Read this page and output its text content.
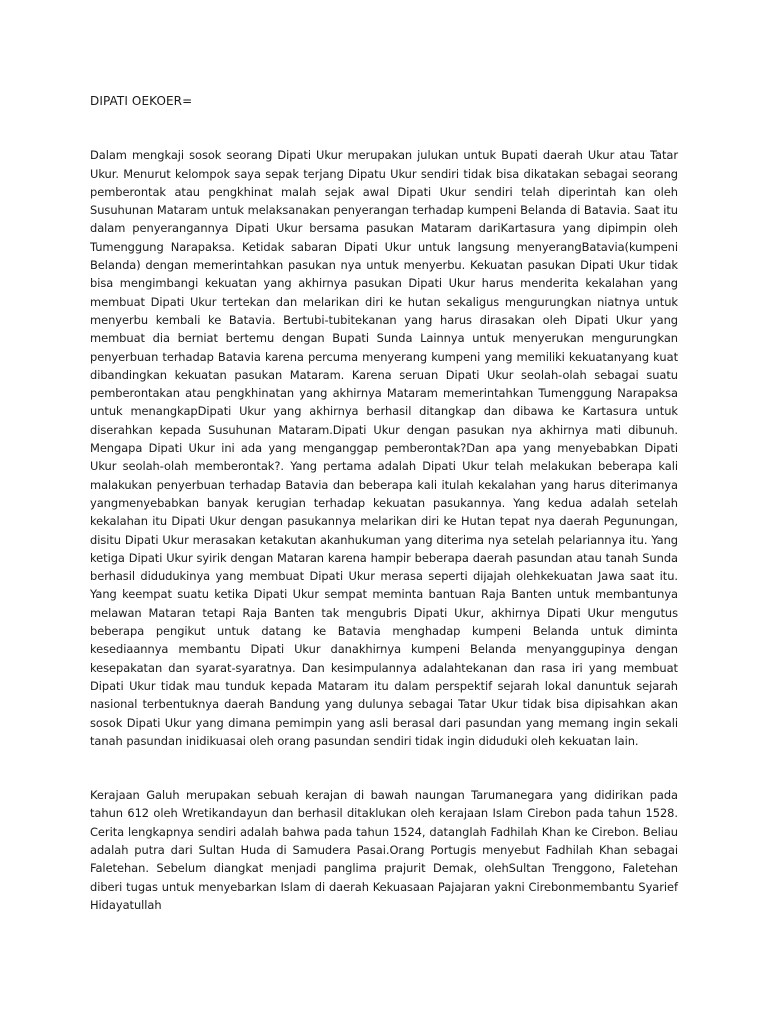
DIPATI OEKOER=

Dalam mengkaji sosok seorang Dipati Ukur merupakan julukan untuk Bupati daerah Ukur atau Tatar Ukur. Menurut kelompok saya sepak terjang Dipatu Ukur sendiri tidak bisa dikatakan sebagai seorang pemberontak atau pengkhinat malah sejak awal Dipati Ukur sendiri telah diperintah kan oleh Susuhunan Mataram untuk melaksanakan penyerangan terhadap kumpeni Belanda di Batavia. Saat itu dalam penyerangannya Dipati Ukur bersama pasukan Mataram dariKartasura yang dipimpin oleh Tumenggung Narapaksa. Ketidak sabaran Dipati Ukur untuk langsung menyerangBatavia(kumpeni Belanda) dengan memerintahkan pasukan nya untuk menyerbu. Kekuatan pasukan Dipati Ukur tidak bisa mengimbangi kekuatan yang akhirnya pasukan Dipati Ukur harus menderita kekalahan yang membuat Dipati Ukur tertekan dan melarikan diri ke hutan sekaligus mengurungkan niatnya untuk menyerbu kembali ke Batavia. Bertubi-tubitekanan yang harus dirasakan oleh Dipati Ukur yang membuat dia berniat bertemu dengan Bupati Sunda Lainnya untuk menyerukan mengurungkan penyerbuan terhadap Batavia karena percuma menyerang kumpeni yang memiliki kekuatanyang kuat dibandingkan kekuatan pasukan Mataram. Karena seruan Dipati Ukur seolah-olah sebagai suatu pemberontakan atau pengkhinatan yang akhirnya Mataram memerintahkan Tumenggung Narapaksa untuk menangkapDipati Ukur yang akhirnya berhasil ditangkap dan dibawa ke Kartasura untuk diserahkan kepada Susuhunan Mataram.Dipati Ukur dengan pasukan nya akhirnya mati dibunuh. Mengapa Dipati Ukur ini ada yang menganggap pemberontak?Dan apa yang menyebabkan Dipati Ukur seolah-olah memberontak?. Yang pertama adalah Dipati Ukur telah melakukan beberapa kali malakukan penyerbuan terhadap Batavia dan beberapa kali itulah kekalahan yang harus diterimanya yangmenyebabkan banyak kerugian terhadap kekuatan pasukannya. Yang kedua adalah setelah kekalahan itu Dipati Ukur dengan pasukannya melarikan diri ke Hutan tepat nya daerah Pegunungan, disitu Dipati Ukur merasakan ketakutan akanhukuman yang diterima nya setelah pelariannya itu. Yang ketiga Dipati Ukur syirik dengan Mataran karena hampir beberapa daerah pasundan atau tanah Sunda berhasil didudukinya yang membuat Dipati Ukur merasa seperti dijajah olehkekuatan Jawa saat itu. Yang keempat suatu ketika Dipati Ukur sempat meminta bantuan Raja Banten untuk membantunya melawan Mataran tetapi Raja Banten tak mengubris Dipati Ukur, akhirnya Dipati Ukur mengutus beberapa pengikut untuk datang ke Batavia menghadap kumpeni Belanda untuk diminta kesediaannya membantu Dipati Ukur danakhirnya kumpeni Belanda menyanggupinya dengan kesepakatan dan syarat-syaratnya. Dan kesimpulannya adalahtekanan dan rasa iri yang membuat Dipati Ukur tidak mau tunduk kepada Mataram itu dalam perspektif sejarah lokal danuntuk sejarah nasional terbentuknya daerah Bandung yang dulunya sebagai Tatar Ukur tidak bisa dipisahkan akan sosok Dipati Ukur yang dimana pemimpin yang asli berasal dari pasundan yang memang ingin sekali tanah pasundan inidikuasai oleh orang pasundan sendiri tidak ingin diduduki oleh kekuatan lain.

Kerajaan Galuh merupakan sebuah kerajan di bawah naungan Tarumanegara yang didirikan pada tahun 612 oleh Wretikandayun dan berhasil ditaklukan oleh kerajaan Islam Cirebon pada tahun 1528. Cerita lengkapnya sendiri adalah bahwa pada tahun 1524, datanglah Fadhilah Khan ke Cirebon. Beliau adalah putra dari Sultan Huda di Samudera Pasai.Orang Portugis menyebut Fadhilah Khan sebagai Faletehan. Sebelum diangkat menjadi panglima prajurit Demak, olehSultan Trenggono, Faletehan diberi tugas untuk menyebarkan Islam di daerah Kekuasaan Pajajaran yakni Cirebonmembantu Syarief Hidayatullah
